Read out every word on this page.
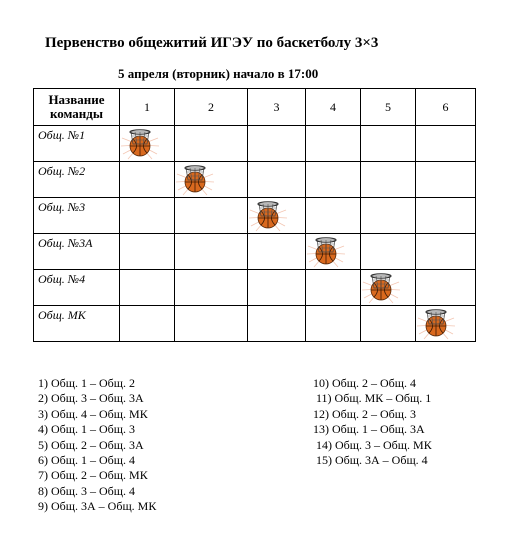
Первенство общежитий ИГЭУ по баскетболу 3×3
5 апреля (вторник) начало в 17:00
Название
команды	1	2	3	4	5	6
Общ. №1	

Общ. №2		

Общ. №3			

Общ. №3А				

Общ. №4					

Общ. МК						
1) Общ. 1 – Общ. 2
2) Общ. 3 – Общ. 3А
3) Общ. 4 – Общ. МК
4) Общ. 1 – Общ. 3
5) Общ. 2 – Общ. 3А
6) Общ. 1 – Общ. 4
7) Общ. 2 – Общ. МК
8) Общ. 3 – Общ. 4
9) Общ. 3А – Общ. МК
10) Общ. 2 – Общ. 4
11) Общ. МК – Общ. 1
12) Общ. 2 – Общ. 3
13) Общ. 1 – Общ. 3А
14) Общ. 3 – Общ. МК
15) Общ. 3А – Общ. 4
